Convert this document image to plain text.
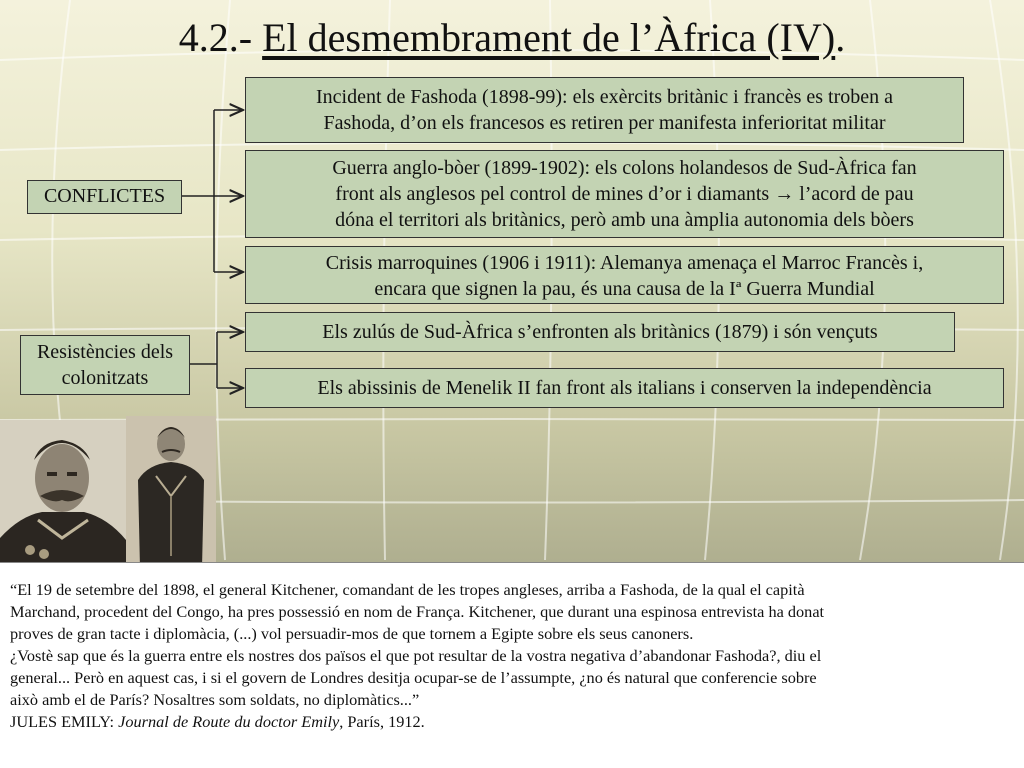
4.2.- El desmembrament de l’Àfrica (IV).
CONFLICTES
Incident de Fashoda (1898-99): els exèrcits britànic i francès es troben a
Fashoda, d’on els francesos es retiren per manifesta inferioritat militar
Guerra anglo-bòer (1899-1902): els colons holandesos de Sud-Àfrica fan
front als anglesos pel control de mines d’or i diamants → l’acord de pau
dóna el territori als britànics, però amb una àmplia autonomia dels bòers
Crisis marroquines (1906 i 1911): Alemanya amenaça el Marroc Francès i,
encara que signen la pau, és una causa de la Iª Guerra Mundial
Resistències dels
colonitzats
Els zulús de Sud-Àfrica s’enfronten als britànics (1879) i són vençuts
Els abissinis de Menelik II fan front als italians i conserven la independència

“El 19 de setembre del 1898, el general Kitchener, comandant de les tropes angleses, arriba a Fashoda, de la qual el capità

Marchand, procedent del Congo, ha pres possessió en nom de França. Kitchener, que durant una espinosa entrevista ha donat

proves de gran tacte i diplomàcia, (...) vol persuadir-mos de que tornem a Egipte sobre els seus canoners.

¿Vostè sap que és la guerra entre els nostres dos països el que pot resultar de la vostra negativa d’abandonar Fashoda?, diu el

general... Però en aquest cas, i si el govern de Londres desitja ocupar-se de l’assumpte, ¿no és natural que conferencie sobre

això amb el de París? Nosaltres som soldats, no diplomàtics...”

JULES EMILY: Journal de Route du doctor Emily, París, 1912.
